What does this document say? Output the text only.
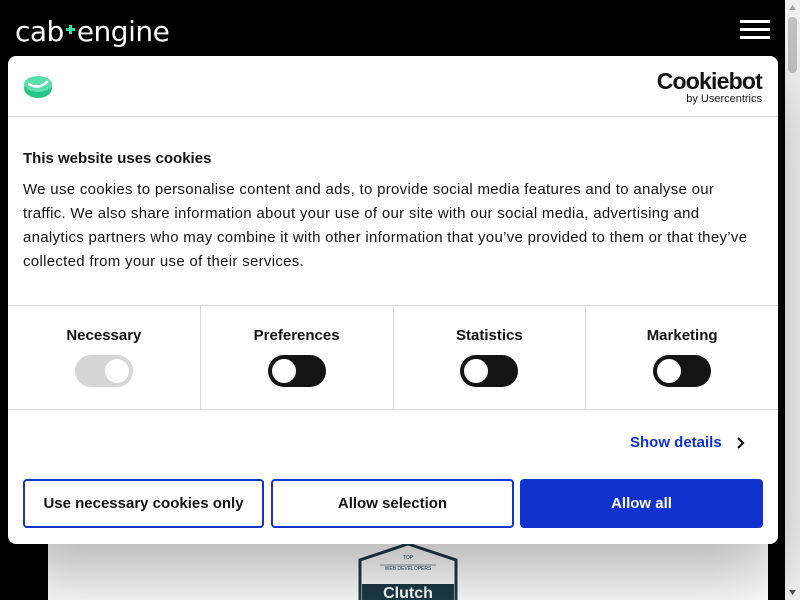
cab engine
TOP
WEB DEVELOPERS
Clutch
Cookiebot
by Usercentrics
This website uses cookies
We use cookies to personalise content and ads, to provide social media features and to analyse our traffic. We also share information about your use of our site with our social media, advertising and analytics partners who may combine it with other information that you’ve provided to them or that they’ve collected from your use of their services.
Necessary	Preferences	Statistics	Marketing
Show details
Use necessary cookies only	Allow selection	Allow all
